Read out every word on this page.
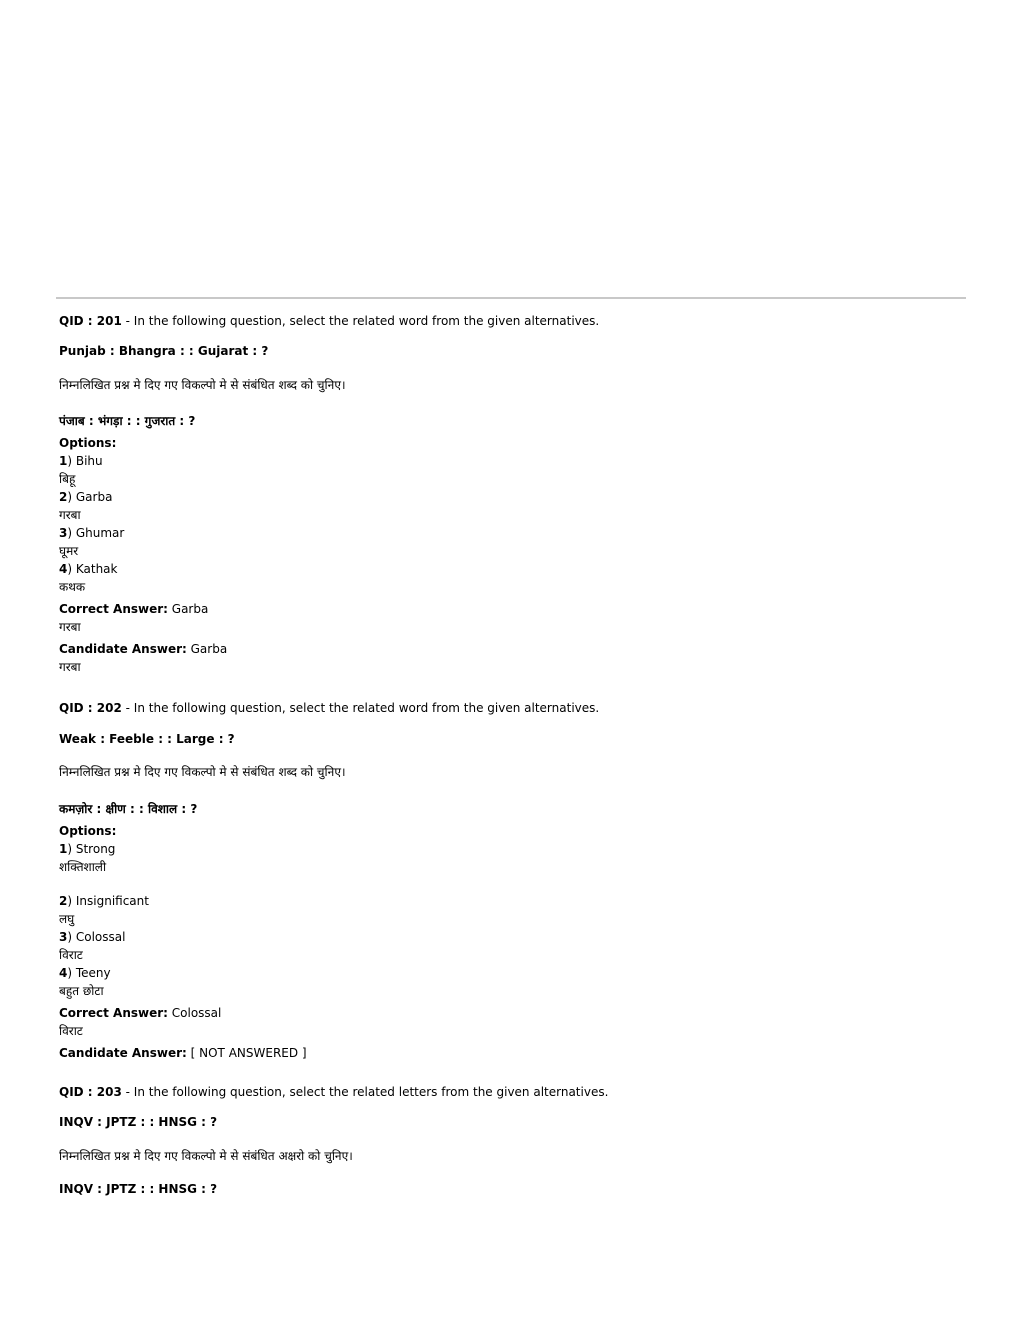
QID : 201 - In the following question, select the related word from the given alternatives.

Punjab : Bhangra : : Gujarat : ?

निम्नलिखित प्रश्न मे दिए गए विकल्पो मे से संबंधित शब्द को चुनिए।

पंजाब : भंगड़ा : : गुजरात : ?

Options:

1) Bihu

बिहू

2) Garba

गरबा

3) Ghumar

घूमर

4) Kathak

कथक

Correct Answer: Garba

गरबा

Candidate Answer: Garba

गरबा

QID : 202 - In the following question, select the related word from the given alternatives.

Weak : Feeble : : Large : ?

निम्नलिखित प्रश्न मे दिए गए विकल्पो मे से संबंधित शब्द को चुनिए।

कमज़ोर : क्षीण : : विशाल : ?

Options:

1) Strong

शक्तिशाली

2) Insignificant

लघु

3) Colossal

विराट

4) Teeny

बहुत छोटा

Correct Answer: Colossal

विराट

Candidate Answer: [ NOT ANSWERED ]

QID : 203 - In the following question, select the related letters from the given alternatives.

INQV : JPTZ : : HNSG : ?

निम्नलिखित प्रश्न मे दिए गए विकल्पो मे से संबंधित अक्षरो को चुनिए।

INQV : JPTZ : : HNSG : ?
